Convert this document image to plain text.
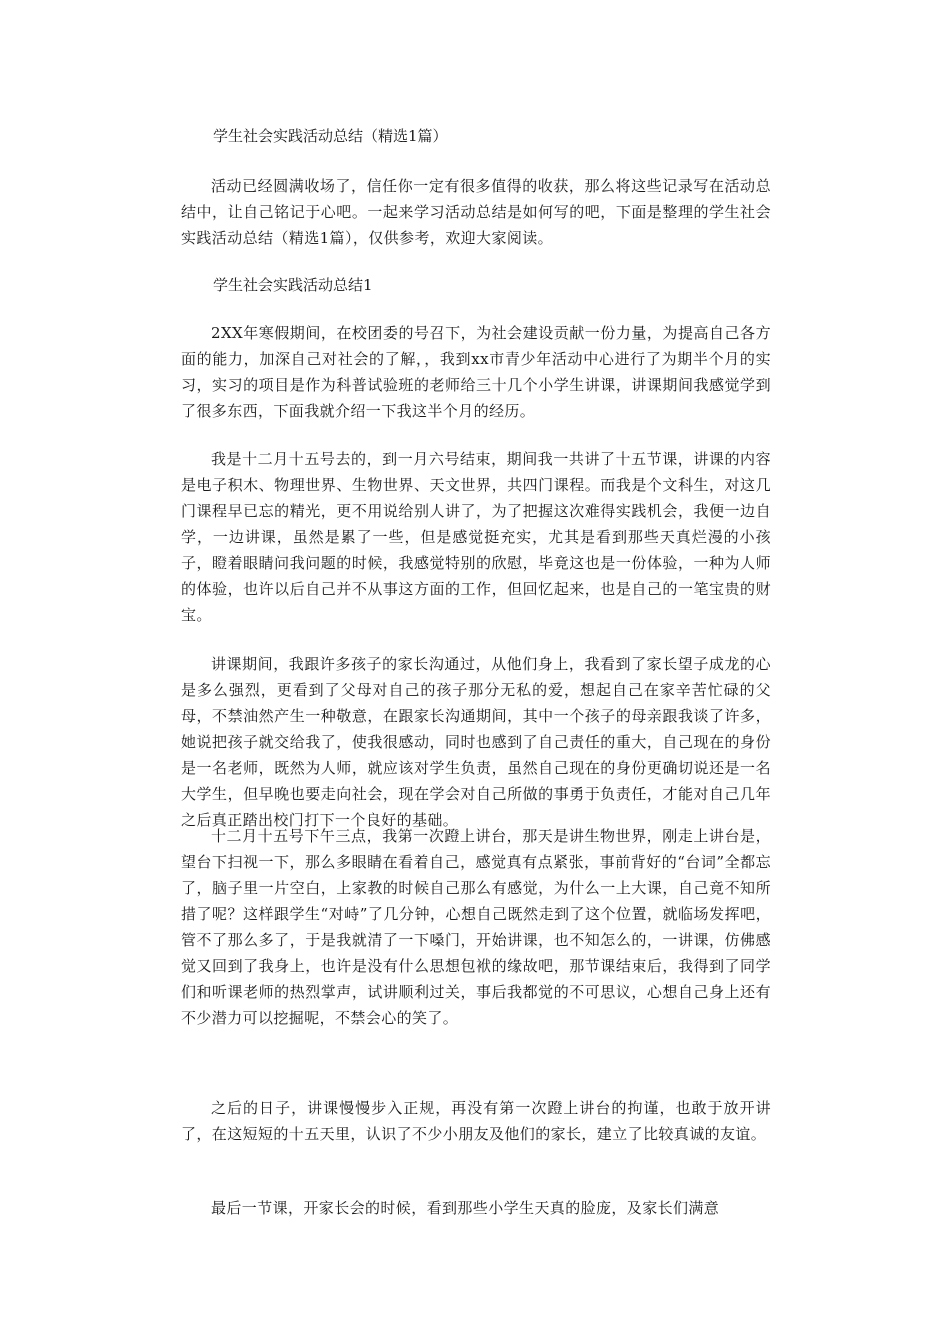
学生社会实践活动总结（精选1篇）

活动已经圆满收场了，信任你一定有很多值得的收获，那么将这些记录写在活动总结中，让自己铭记于心吧。一起来学习活动总结是如何写的吧，下面是整理的学生社会实践活动总结（精选1篇），仅供参考，欢迎大家阅读。

学生社会实践活动总结1

2XX年寒假期间，在校团委的号召下，为社会建设贡献一份力量，为提高自己各方面的能力，加深自己对社会的了解，，我到xx市青少年活动中心进行了为期半个月的实习，实习的项目是作为科普试验班的老师给三十几个小学生讲课，讲课期间我感觉学到了很多东西，下面我就介绍一下我这半个月的经历。

我是十二月十五号去的，到一月六号结束，期间我一共讲了十五节课，讲课的内容是电子积木、物理世界、生物世界、天文世界，共四门课程。而我是个文科生，对这几门课程早已忘的精光，更不用说给别人讲了，为了把握这次难得实践机会，我便一边自学，一边讲课，虽然是累了一些，但是感觉挺充实，尤其是看到那些天真烂漫的小孩子，瞪着眼睛问我问题的时候，我感觉特别的欣慰，毕竟这也是一份体验，一种为人师的体验，也许以后自己并不从事这方面的工作，但回忆起来，也是自己的一笔宝贵的财宝。

讲课期间，我跟许多孩子的家长沟通过，从他们身上，我看到了家长望子成龙的心是多么强烈，更看到了父母对自己的孩子那分无私的爱，想起自己在家辛苦忙碌的父母，不禁油然产生一种敬意，在跟家长沟通期间，其中一个孩子的母亲跟我谈了许多，她说把孩子就交给我了，使我很感动，同时也感到了自己责任的重大，自己现在的身份是一名老师，既然为人师，就应该对学生负责，虽然自己现在的身份更确切说还是一名大学生，但早晚也要走向社会，现在学会对自己所做的事勇于负责任，才能对自己几年之后真正踏出校门打下一个良好的基础。

十二月十五号下午三点，我第一次蹬上讲台，那天是讲生物世界，刚走上讲台是，望台下扫视一下，那么多眼睛在看着自己，感觉真有点紧张，事前背好的“台词”全都忘了，脑子里一片空白，上家教的时候自己那么有感觉，为什么一上大课，自己竟不知所措了呢？这样跟学生“对峙”了几分钟，心想自己既然走到了这个位置，就临场发挥吧，管不了那么多了，于是我就清了一下嗓门，开始讲课，也不知怎么的，一讲课，仿佛感觉又回到了我身上，也许是没有什么思想包袱的缘故吧，那节课结束后，我得到了同学们和听课老师的热烈掌声，试讲顺利过关，事后我都觉的不可思议，心想自己身上还有不少潜力可以挖掘呢，不禁会心的笑了。

之后的日子，讲课慢慢步入正规，再没有第一次蹬上讲台的拘谨，也敢于放开讲了，在这短短的十五天里，认识了不少小朋友及他们的家长，建立了比较真诚的友谊。

最后一节课，开家长会的时候，看到那些小学生天真的脸庞，及家长们满意
